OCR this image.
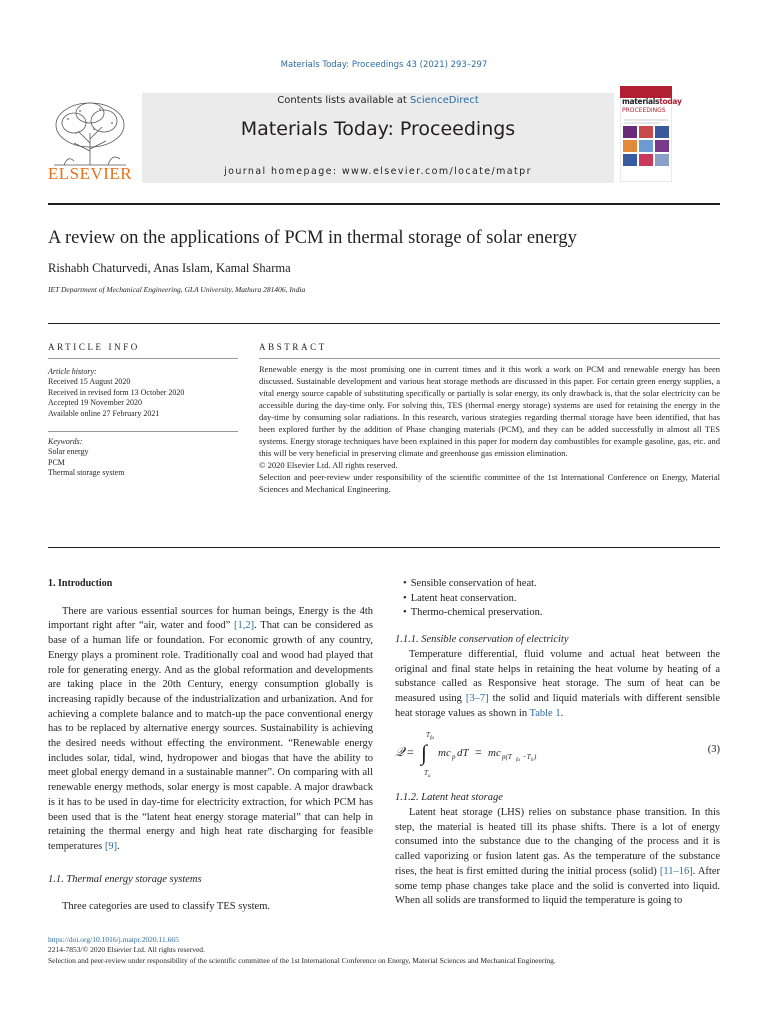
Materials Today: Proceedings 43 (2021) 293–297
ELSEVIER
Contents lists available at ScienceDirect
Materials Today: Proceedings
journal homepage: www.elsevier.com/locate/matpr
materialstoday
PROCEEDINGS
A review on the applications of PCM in thermal storage of solar energy
Rishabh Chaturvedi, Anas Islam, Kamal Sharma
IET Department of Mechanical Engineering, GLA University, Mathura 281406, India
ARTICLE INFO
Article history:
Received 15 August 2020
Received in revised form 13 October 2020
Accepted 19 November 2020
Available online 27 February 2021
Keywords:
Solar energy
PCM
Thermal storage system
ABSTRACT

Renewable energy is the most promising one in current times and it this work a work on PCM and renewable energy has been discussed. Sustainable development and various heat storage methods are discussed in this paper. For certain green energy supplies, a vital energy source capable of substituting specifically or partially is solar energy, its only drawback is, that the solar electricity can be accessible during the day-time only. For solving this, TES (thermal energy storage) systems are used for retaining the energy in the day-time by consuming solar radiations. In this research, various strategies regarding thermal storage have been identified, that has been explored further by the addition of Phase changing materials (PCM), and they can be added successfully in almost all TES systems. Energy storage techniques have been explained in this paper for modern day combustibles for example gasoline, gas, etc. and this will be very beneficial in preserving climate and greenhouse gas emission elimination.

© 2020 Elsevier Ltd. All rights reserved.

Selection and peer-review under responsibility of the scientific committee of the 1st International Conference on Energy, Material Sciences and Mechanical Engineering.

1. Introduction

There are various essential sources for human beings, Energy is the 4th important right after “air, water and food” [1,2]. That can be considered as base of a human life or foundation. For economic growth of any country, Energy plays a prominent role. Traditionally coal and wood had played that role for generating energy. And as the global reformation and developments are taking place in the 20th Century, energy consumption globally is increasing rapidly because of the industrialization and urbanization. And for achieving a complete balance and to match-up the pace conventional energy has to be replaced by alternative energy sources. Sustainability is achieving the desired needs without effecting the environment. “Renewable energy includes solar, tidal, wind, hydropower and biogas that have the ability to meet global energy demand in a sustainable manner”. On comparing with all renewable energy methods, solar energy is most capable. A major drawback is it has to be used in day-time for electricity extraction, for which PCM has been used that is the “latent heat energy storage material” that can help in retaining the thermal energy and high heat rate discharging for feasible temperatures [9].

1.1. Thermal energy storage systems

Three categories are used to classify TES system.

• Sensible conservation of heat.
• Latent heat conservation.
• Thermo-chemical preservation.

1.1.1. Sensible conservation of electricity

Temperature differential, fluid volume and actual heat between the original and final state helps in retaining the heat volume by heating of a substance called as Responsive heat storage. The sum of heat can be measured using [3–7] the solid and liquid materials with different sensible heat storage values as shown in Table 1.

𝒬 = ∫
T fu
T a
mc p dT = mc p(T fu −T h )
(3)

1.1.2. Latent heat storage

Latent heat storage (LHS) relies on substance phase transition. In this step, the material is heated till its phase shifts. There is a lot of energy consumed into the substance due to the changing of the process and it is called vaporizing or fusion latent gas. As the temperature of the substance rises, the heat is first emitted during the initial process (solid) [11–16]. After some temp phase changes take place and the solid is converted into liquid. When all solids are transformed to liquid the temperature is going to

https://doi.org/10.1016/j.matpr.2020.11.665
2214-7853/© 2020 Elsevier Ltd. All rights reserved.
Selection and peer-review under responsibility of the scientific committee of the 1st International Conference on Energy, Material Sciences and Mechanical Engineering.
